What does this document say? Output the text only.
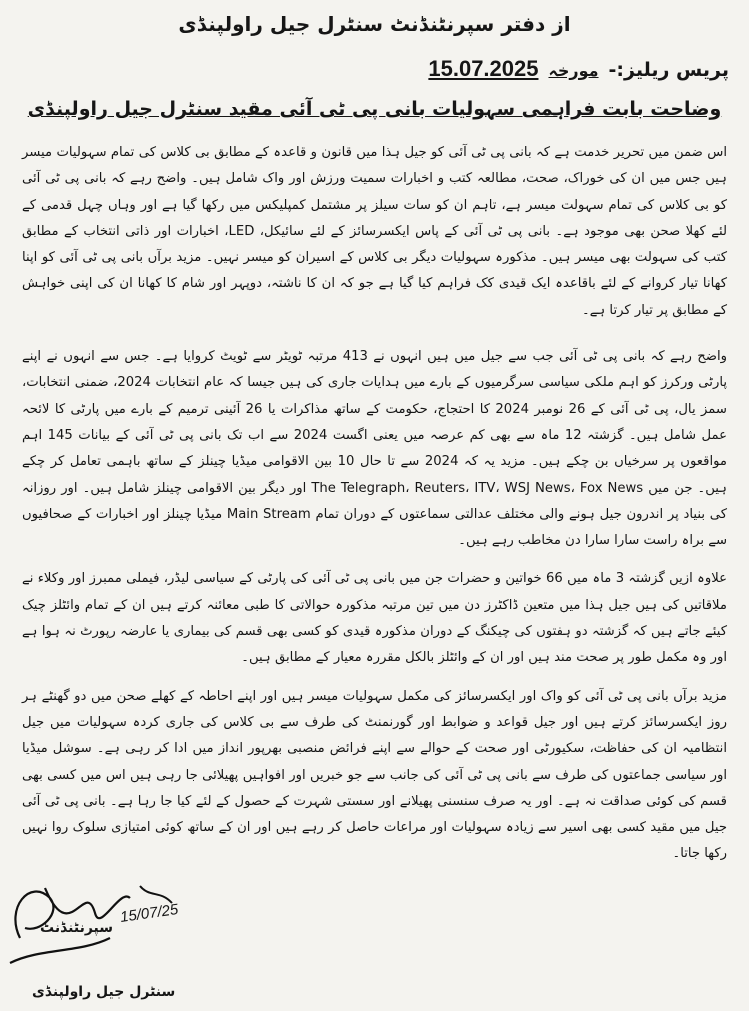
از دفتر سپرنٹنڈنٹ سنٹرل جیل راولپنڈی
پریس ریلیز:-
مورخہ
15.07.2025
وضاحت بابت فراہمی سہولیات بانی پی ٹی آئی مقید سنٹرل جیل راولپنڈی

اس ضمن میں تحریر خدمت ہے کہ بانی پی ٹی آئی کو جیل ہذا میں قانون و قاعدہ کے مطابق بی کلاس کی تمام سہولیات میسر ہیں جس میں ان کی خوراک، صحت، مطالعہ کتب و اخبارات سمیت ورزش اور واک شامل ہیں۔ واضح رہے کہ بانی پی ٹی آئی کو بی کلاس کی تمام سہولت میسر ہے، تاہم ان کو سات سیلز پر مشتمل کمپلیکس میں رکھا گیا ہے اور وہاں چہل قدمی کے لئے کھلا صحن بھی موجود ہے۔ بانی پی ٹی آئی کے پاس ایکسرسائز کے لئے سائیکل، LED، اخبارات اور ذاتی انتخاب کے مطابق کتب کی سہولت بھی میسر ہیں۔ مذکورہ سہولیات دیگر بی کلاس کے اسیران کو میسر نہیں۔ مزید برآں بانی پی ٹی آئی کو اپنا کھانا تیار کروانے کے لئے باقاعدہ ایک قیدی کک فراہم کیا گیا ہے جو کہ ان کا ناشتہ، دوپہر اور شام کا کھانا ان کی اپنی خواہش کے مطابق پر تیار کرتا ہے۔

واضح رہے کہ بانی پی ٹی آئی جب سے جیل میں ہیں انہوں نے 413 مرتبہ ٹویٹر سے ٹویٹ کروایا ہے۔ جس سے انہوں نے اپنے پارٹی ورکرز کو اہم ملکی سیاسی سرگرمیوں کے بارے میں ہدایات جاری کی ہیں جیسا کہ عام انتخابات 2024، ضمنی انتخابات، سمز یال، پی ٹی آئی کے 26 نومبر 2024 کا احتجاج، حکومت کے ساتھ مذاکرات یا 26 آئینی ترمیم کے بارے میں پارٹی کا لائحہ عمل شامل ہیں۔ گزشتہ 12 ماہ سے بھی کم عرصہ میں یعنی اگست 2024 سے اب تک بانی پی ٹی آئی کے بیانات 145 اہم مواقعوں پر سرخیاں بن چکے ہیں۔ مزید یہ کہ 2024 سے تا حال 10 بین الاقوامی میڈیا چینلز کے ساتھ باہمی تعامل کر چکے ہیں۔ جن میں The Telegraph، Reuters، ITV، WSJ News، Fox News اور دیگر بین الاقوامی چینلز شامل ہیں۔ اور روزانہ کی بنیاد پر اندرون جیل ہونے والی مختلف عدالتی سماعتوں کے دوران تمام Main Stream میڈیا چینلز اور اخبارات کے صحافیوں سے براہ راست سارا سارا دن مخاطب رہے ہیں۔

علاوہ ازیں گزشتہ 3 ماہ میں 66 خواتین و حضرات جن میں بانی پی ٹی آئی کی پارٹی کے سیاسی لیڈر، فیملی ممبرز اور وکلاء نے ملاقاتیں کی ہیں جیل ہذا میں متعین ڈاکٹرز دن میں تین مرتبہ مذکورہ حوالاتی کا طبی معائنہ کرتے ہیں ان کے تمام وائٹلز چیک کیئے جاتے ہیں کہ گزشتہ دو ہفتوں کی چیکنگ کے دوران مذکورہ قیدی کو کسی بھی قسم کی بیماری یا عارضہ رپورٹ نہ ہوا ہے اور وہ مکمل طور پر صحت مند ہیں اور ان کے وائٹلز بالکل مقررہ معیار کے مطابق ہیں۔

مزید برآں بانی پی ٹی آئی کو واک اور ایکسرسائز کی مکمل سہولیات میسر ہیں اور اپنے احاطہ کے کھلے صحن میں دو گھنٹے ہر روز ایکسرسائز کرتے ہیں اور جیل قواعد و ضوابط اور گورنمنٹ کی طرف سے بی کلاس کی جاری کردہ سہولیات میں جیل انتظامیہ ان کی حفاظت، سکیورٹی اور صحت کے حوالے سے اپنے فرائض منصبی بھرپور انداز میں ادا کر رہی ہے۔ سوشل میڈیا اور سیاسی جماعتوں کی طرف سے بانی پی ٹی آئی کی جانب سے جو خبریں اور افواہیں پھیلائی جا رہی ہیں اس میں کسی بھی قسم کی کوئی صداقت نہ ہے۔ اور یہ صرف سنسنی پھیلانے اور سستی شہرت کے حصول کے لئے کیا جا رہا ہے۔ بانی پی ٹی آئی جیل میں مقید کسی بھی اسیر سے زیادہ سہولیات اور مراعات حاصل کر رہے ہیں اور ان کے ساتھ کوئی امتیازی سلوک روا نہیں رکھا جاتا۔

15/07/25
سپرنٹنڈنٹ
سنٹرل جیل راولپنڈی
